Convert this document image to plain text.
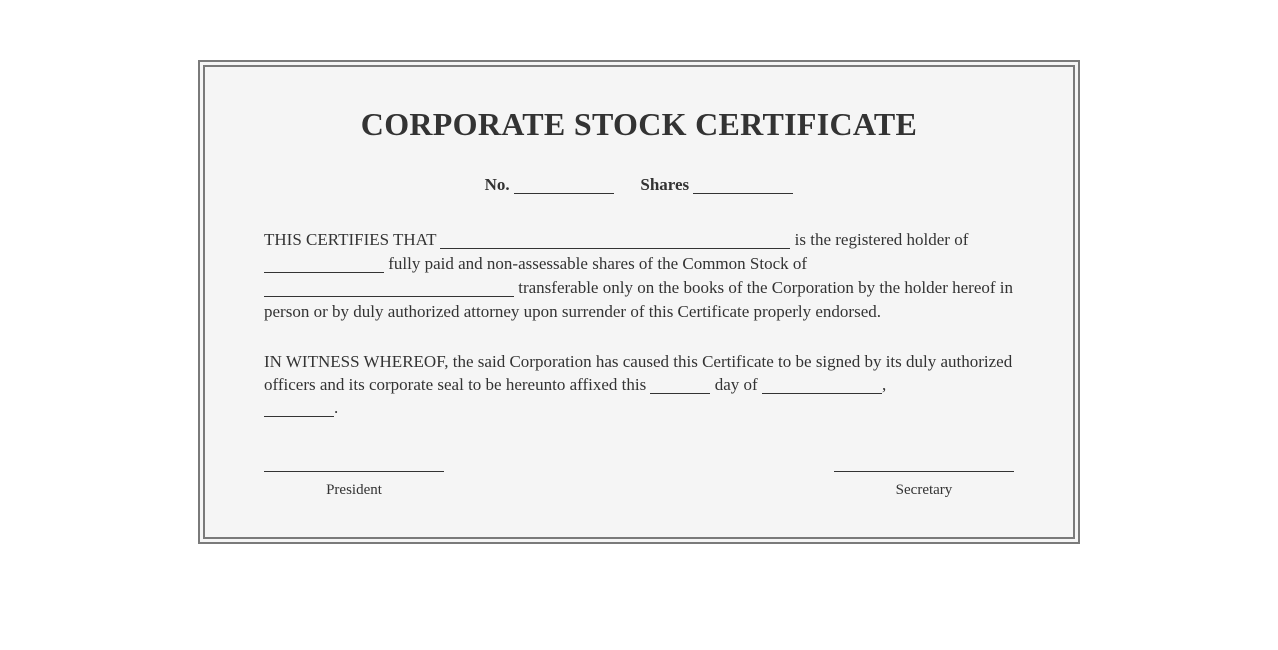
CORPORATE STOCK CERTIFICATE
No.	Shares
THIS CERTIFIES THAT	is the registered holder of
fully paid and non-assessable shares of the Common Stock of
transferable only on the books of the Corporation by the holder hereof in person or by duly authorized attorney upon surrender of this Certificate properly endorsed.
IN WITNESS WHEREOF, the said Corporation has caused this Certificate to be signed by its duly authorized officers and its corporate seal to be hereunto affixed this	day of	,
.
President	Secretary
